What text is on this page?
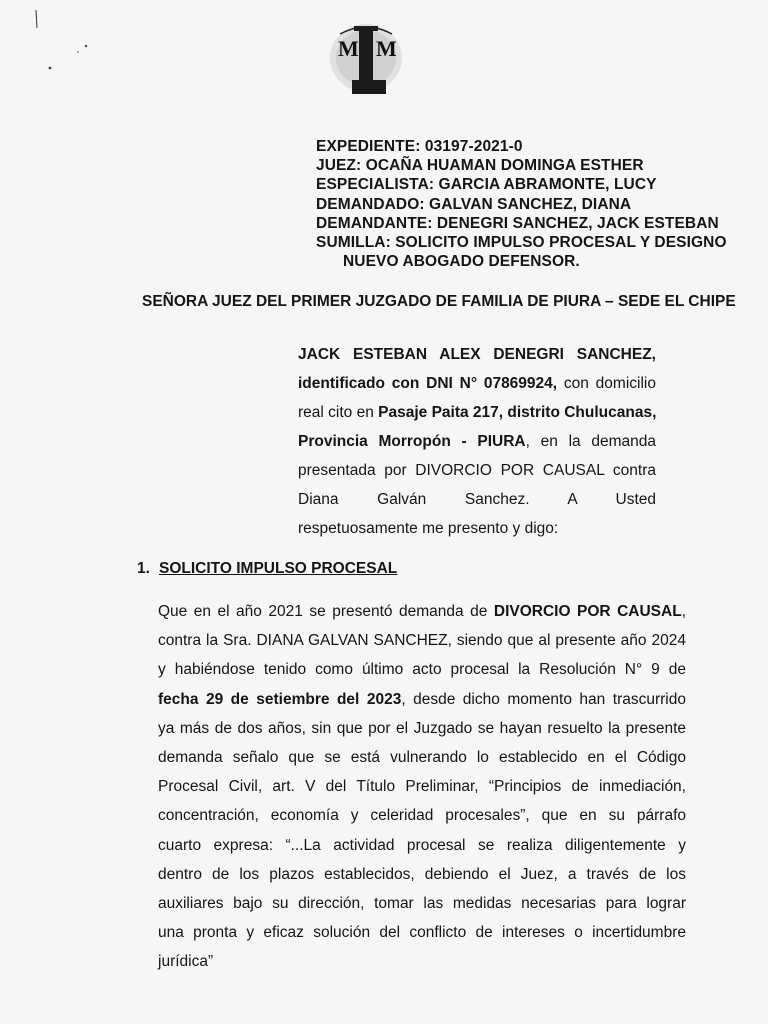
M M
EXPEDIENTE: 03197-2021-0
JUEZ: OCAÑA HUAMAN DOMINGA ESTHER
ESPECIALISTA: GARCIA ABRAMONTE, LUCY
DEMANDADO: GALVAN SANCHEZ, DIANA
DEMANDANTE: DENEGRI SANCHEZ, JACK ESTEBAN
SUMILLA: SOLICITO IMPULSO PROCESAL Y DESIGNO
NUEVO ABOGADO DEFENSOR.
SEÑORA JUEZ DEL PRIMER JUZGADO DE FAMILIA DE PIURA – SEDE EL CHIPE
JACK ESTEBAN ALEX DENEGRI SANCHEZ,
identificado con DNI N° 07869924, con domicilio
real cito en Pasaje Paita 217, distrito Chulucanas,
Provincia Morropón - PIURA, en la demanda
presentada por DIVORCIO POR CAUSAL contra
Diana Galván Sanchez. A Usted
respetuosamente me presento y digo:
1. SOLICITO IMPULSO PROCESAL
Que en el año 2021 se presentó demanda de DIVORCIO POR CAUSAL,
contra la Sra. DIANA GALVAN SANCHEZ, siendo que al presente año 2024
y habiéndose tenido como último acto procesal la Resolución N° 9 de
fecha 29 de setiembre del 2023, desde dicho momento han trascurrido
ya más de dos años, sin que por el Juzgado se hayan resuelto la presente
demanda señalo que se está vulnerando lo establecido en el Código
Procesal Civil, art. V del Título Preliminar, “Principios de inmediación,
concentración, economía y celeridad procesales”, que en su párrafo
cuarto expresa: “...La actividad procesal se realiza diligentemente y
dentro de los plazos establecidos, debiendo el Juez, a través de los
auxiliares bajo su dirección, tomar las medidas necesarias para lograr
una pronta y eficaz solución del conflicto de intereses o incertidumbre
jurídica”
